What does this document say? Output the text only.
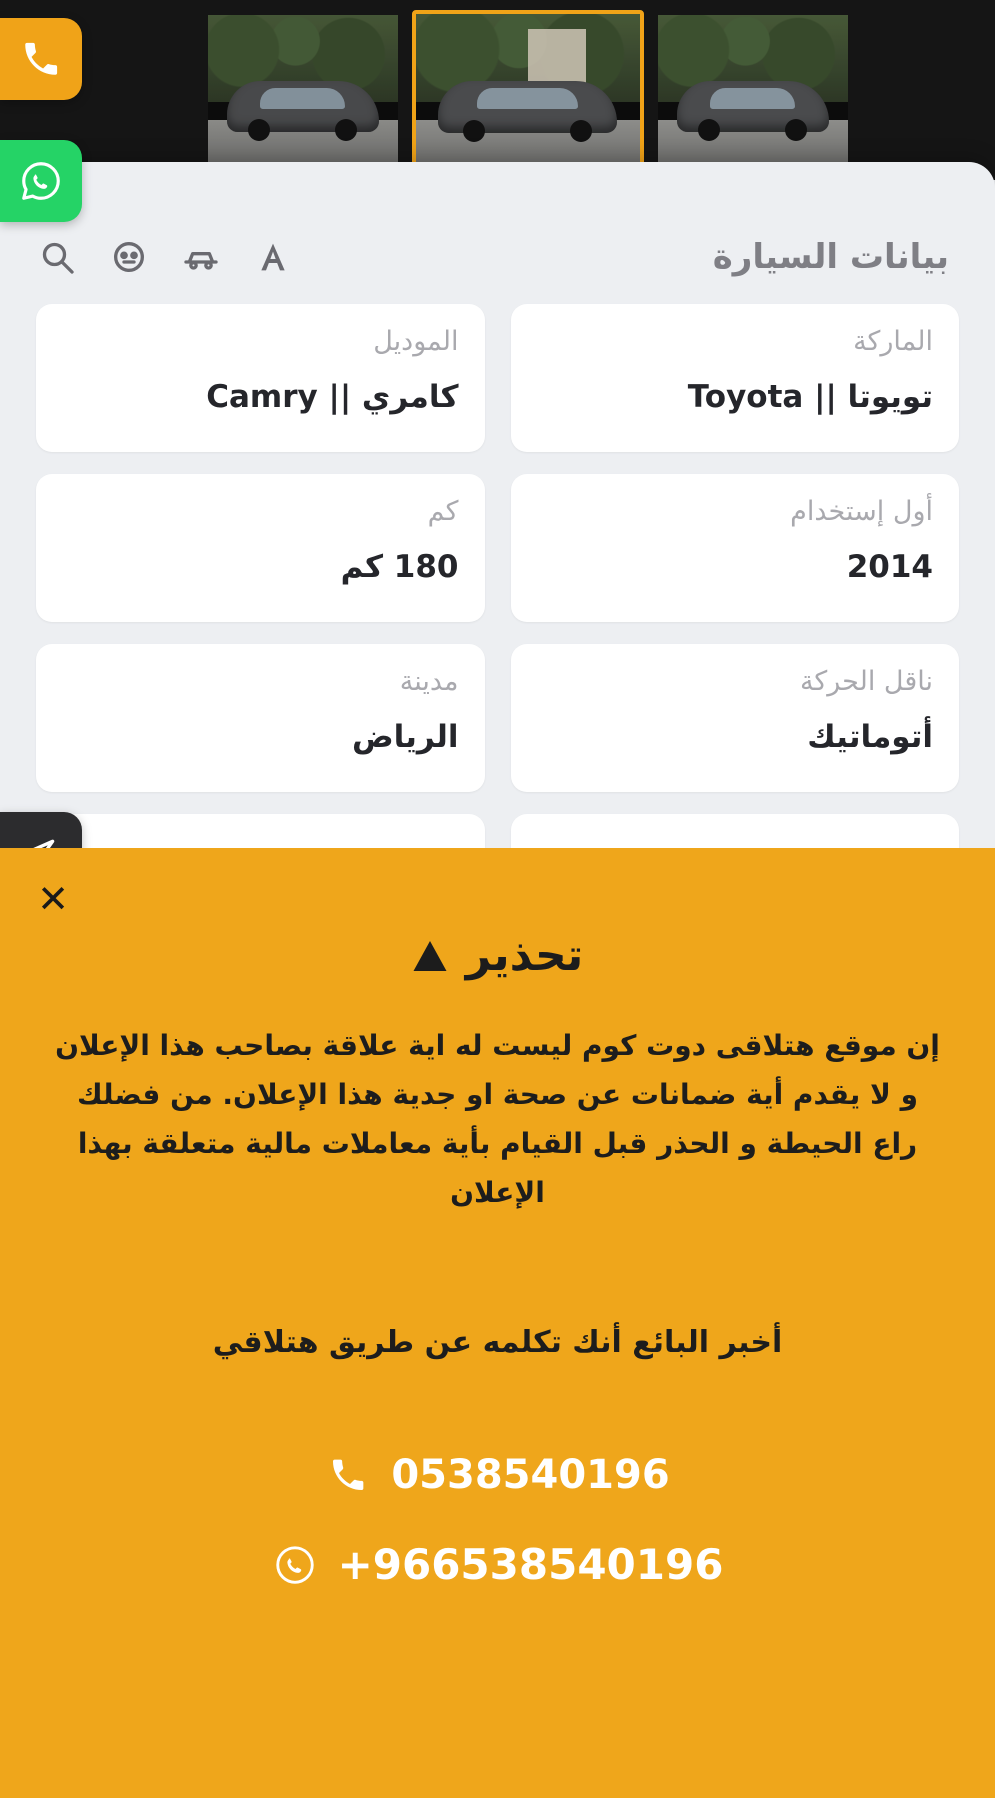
بيانات السيارة
الماركة
تويوتا || Toyota
الموديل
كامري || Camry
أول إستخدام
2014
كم
180 كم
ناقل الحركة
أتوماتيك
مدينة
الرياض
✕
تحذير
إن موقع هتلاقى دوت كوم ليست له اية علاقة بصاحب هذا الإعلان و لا يقدم أية ضمانات عن صحة او جدية هذا الإعلان. من فضلك راع الحيطة و الحذر قبل القيام بأية معاملات مالية متعلقة بهذا الإعلان
أخبر البائع أنك تكلمه عن طريق هتلاقي
0538540196
+966538540196
